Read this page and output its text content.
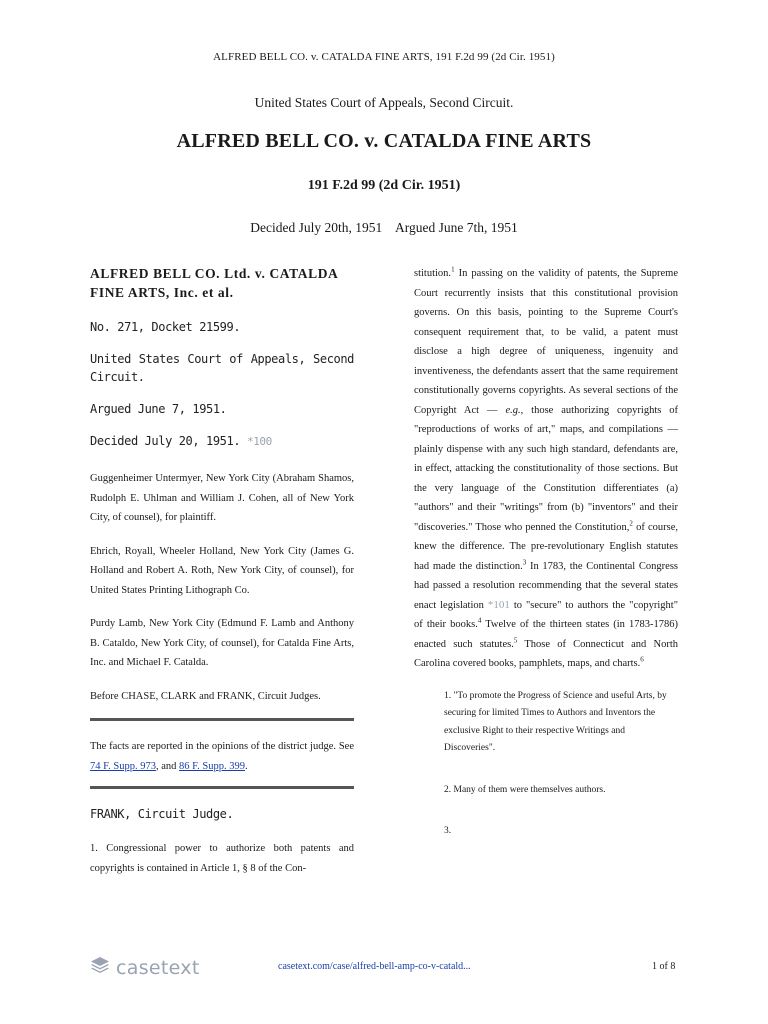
ALFRED BELL CO. v. CATALDA FINE ARTS, 191 F.2d 99 (2d Cir. 1951)
United States Court of Appeals, Second Circuit.
ALFRED BELL CO. v. CATALDA FINE ARTS
191 F.2d 99 (2d Cir. 1951)
Decided July 20th, 1951    Argued June 7th, 1951
ALFRED BELL CO. Ltd. v. CATALDA FINE ARTS, Inc. et al.
No. 271, Docket 21599.
United States Court of Appeals, Second Circuit.
Argued June 7, 1951.
Decided July 20, 1951. *100

Guggenheimer Untermyer, New York City (Abraham Shamos, Rudolph E. Uhlman and William J. Cohen, all of New York City, of counsel), for plaintiff.

Ehrich, Royall, Wheeler Holland, New York City (James G. Holland and Robert A. Roth, New York City, of counsel), for United States Printing Lithograph Co.

Purdy Lamb, New York City (Edmund F. Lamb and Anthony B. Cataldo, New York City, of counsel), for Catalda Fine Arts, Inc. and Michael F. Catalda.

Before CHASE, CLARK and FRANK, Circuit Judges.

The facts are reported in the opinions of the district judge. See 74 F. Supp. 973, and 86 F. Supp. 399.

FRANK, Circuit Judge.

1. Congressional power to authorize both patents and copyrights is contained in Article 1, § 8 of the Con-

stitution.$^1$ In passing on the validity of patents, the Supreme Court recurrently insists that this constitutional provision governs. On this basis, pointing to the Supreme Court's consequent requirement that, to be valid, a patent must disclose a high degree of uniqueness, ingenuity and inventiveness, the defendants assert that the same requirement constitutionally governs copyrights. As several sections of the Copyright Act — e.g., those authorizing copyrights of "reproductions of works of art," maps, and compilations — plainly dispense with any such high standard, defendants are, in effect, attacking the constitutionality of those sections. But the very language of the Constitution differentiates (a) "authors" and their "writings" from (b) "inventors" and their "discoveries." Those who penned the Constitution,$^2$ of course, knew the difference. The pre-revolutionary English statutes had made the distinction.$^3$ In 1783, the Continental Congress had passed a resolution recommending that the several states enact legislation *101 to "secure" to authors the "copyright" of their books.$^4$ Twelve of the thirteen states (in 1783-1786) enacted such statutes.$^5$ Those of Connecticut and North Carolina covered books, pamphlets, maps, and charts.$^6$

1. "To promote the Progress of Science and useful Arts, by securing for limited Times to Authors and Inventors the exclusive Right to their respective Writings and Discoveries".

2. Many of them were themselves authors.

3.

casetext	casetext.com/case/alfred-bell-amp-co-v-catald...	1 of 8
